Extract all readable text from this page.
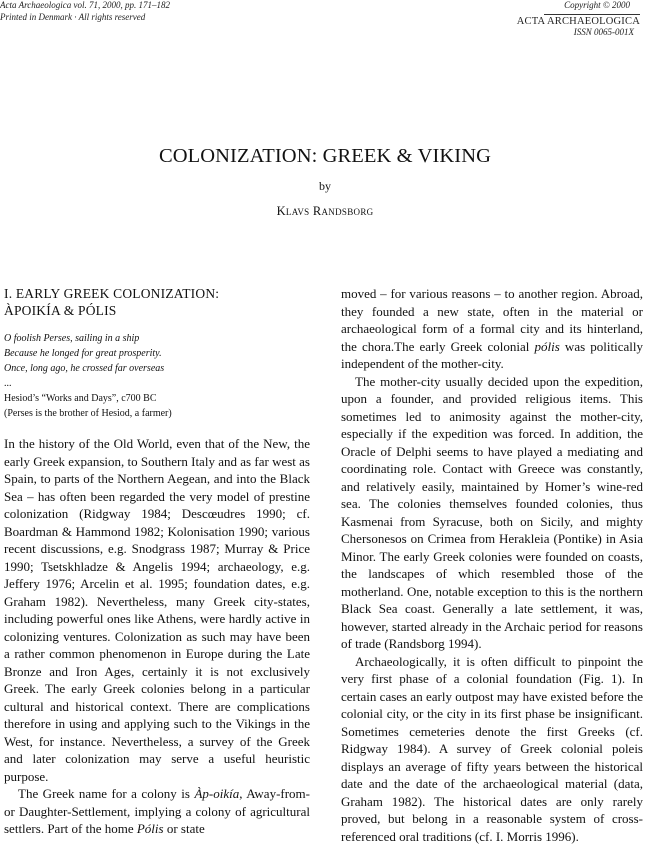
Acta Archaeologica vol. 71, 2000, pp. 171–182
Printed in Denmark · All rights reserved
Copyright © 2000
ACTA ARCHAEOLOGICA
ISSN 0065-001X
COLONIZATION: GREEK & VIKING
by
Klavs Randsborg
I. EARLY GREEK COLONIZATION:
ÀPOIKÍA & PÓLIS
O foolish Perses, sailing in a ship
Because he longed for great prosperity.
Once, long ago, he crossed far overseas
...
Hesiod’s “Works and Days”, c700 BC
(Perses is the brother of Hesiod, a farmer)

In the history of the Old World, even that of the New, the early Greek expansion, to Southern Italy and as far west as Spain, to parts of the Northern Aegean, and into the Black Sea – has often been regarded the very model of prestine colonization (Ridgway 1984; Descœudres 1990; cf. Boardman & Hammond 1982; Kolonisation 1990; various recent discussions, e.g. Snodgrass 1987; Murray & Price 1990; Tsetskhladze & Angelis 1994; archaeology, e.g. Jeffery 1976; Arcelin et al. 1995; foundation dates, e.g. Graham 1982). Nevertheless, many Greek city-states, including powerful ones like Athens, were hardly active in colonizing ventures. Colonization as such may have been a rather common phenomenon in Europe during the Late Bronze and Iron Ages, certainly it is not exclusively Greek. The early Greek colonies belong in a particular cultural and historical context. There are complications therefore in using and applying such to the Vikings in the West, for instance. Nevertheless, a survey of the Greek and later colonization may serve a useful heuristic purpose.

The Greek name for a colony is Àp-oikía, Away-from- or Daughter-Settlement, implying a colony of agricultural settlers. Part of the home Pólis or state

moved – for various reasons – to another region. Abroad, they founded a new state, often in the material or archaeological form of a formal city and its hinterland, the chora.The early Greek colonial pólis was politically independent of the mother-city.

The mother-city usually decided upon the expedition, upon a founder, and provided religious items. This sometimes led to animosity against the mother-city, especially if the expedition was forced. In addition, the Oracle of Delphi seems to have played a mediating and coordinating role. Contact with Greece was constantly, and relatively easily, maintained by Homer’s wine-red sea. The colonies themselves founded colonies, thus Kasmenai from Syracuse, both on Sicily, and mighty Chersonesos on Crimea from Herakleia (Pontike) in Asia Minor. The early Greek colonies were founded on coasts, the landscapes of which resembled those of the motherland. One, notable exception to this is the northern Black Sea coast. Generally a late settlement, it was, however, started already in the Archaic period for reasons of trade (Randsborg 1994).

Archaeologically, it is often difficult to pinpoint the very first phase of a colonial foundation (Fig. 1). In certain cases an early outpost may have existed before the colonial city, or the city in its first phase be insignificant. Sometimes cemeteries denote the first Greeks (cf. Ridgway 1984). A survey of Greek colonial poleis displays an average of fifty years between the historical date and the date of the archaeological material (data, Graham 1982). The historical dates are only rarely proved, but belong in a reasonable system of cross-referenced oral traditions (cf. I. Morris 1996).
